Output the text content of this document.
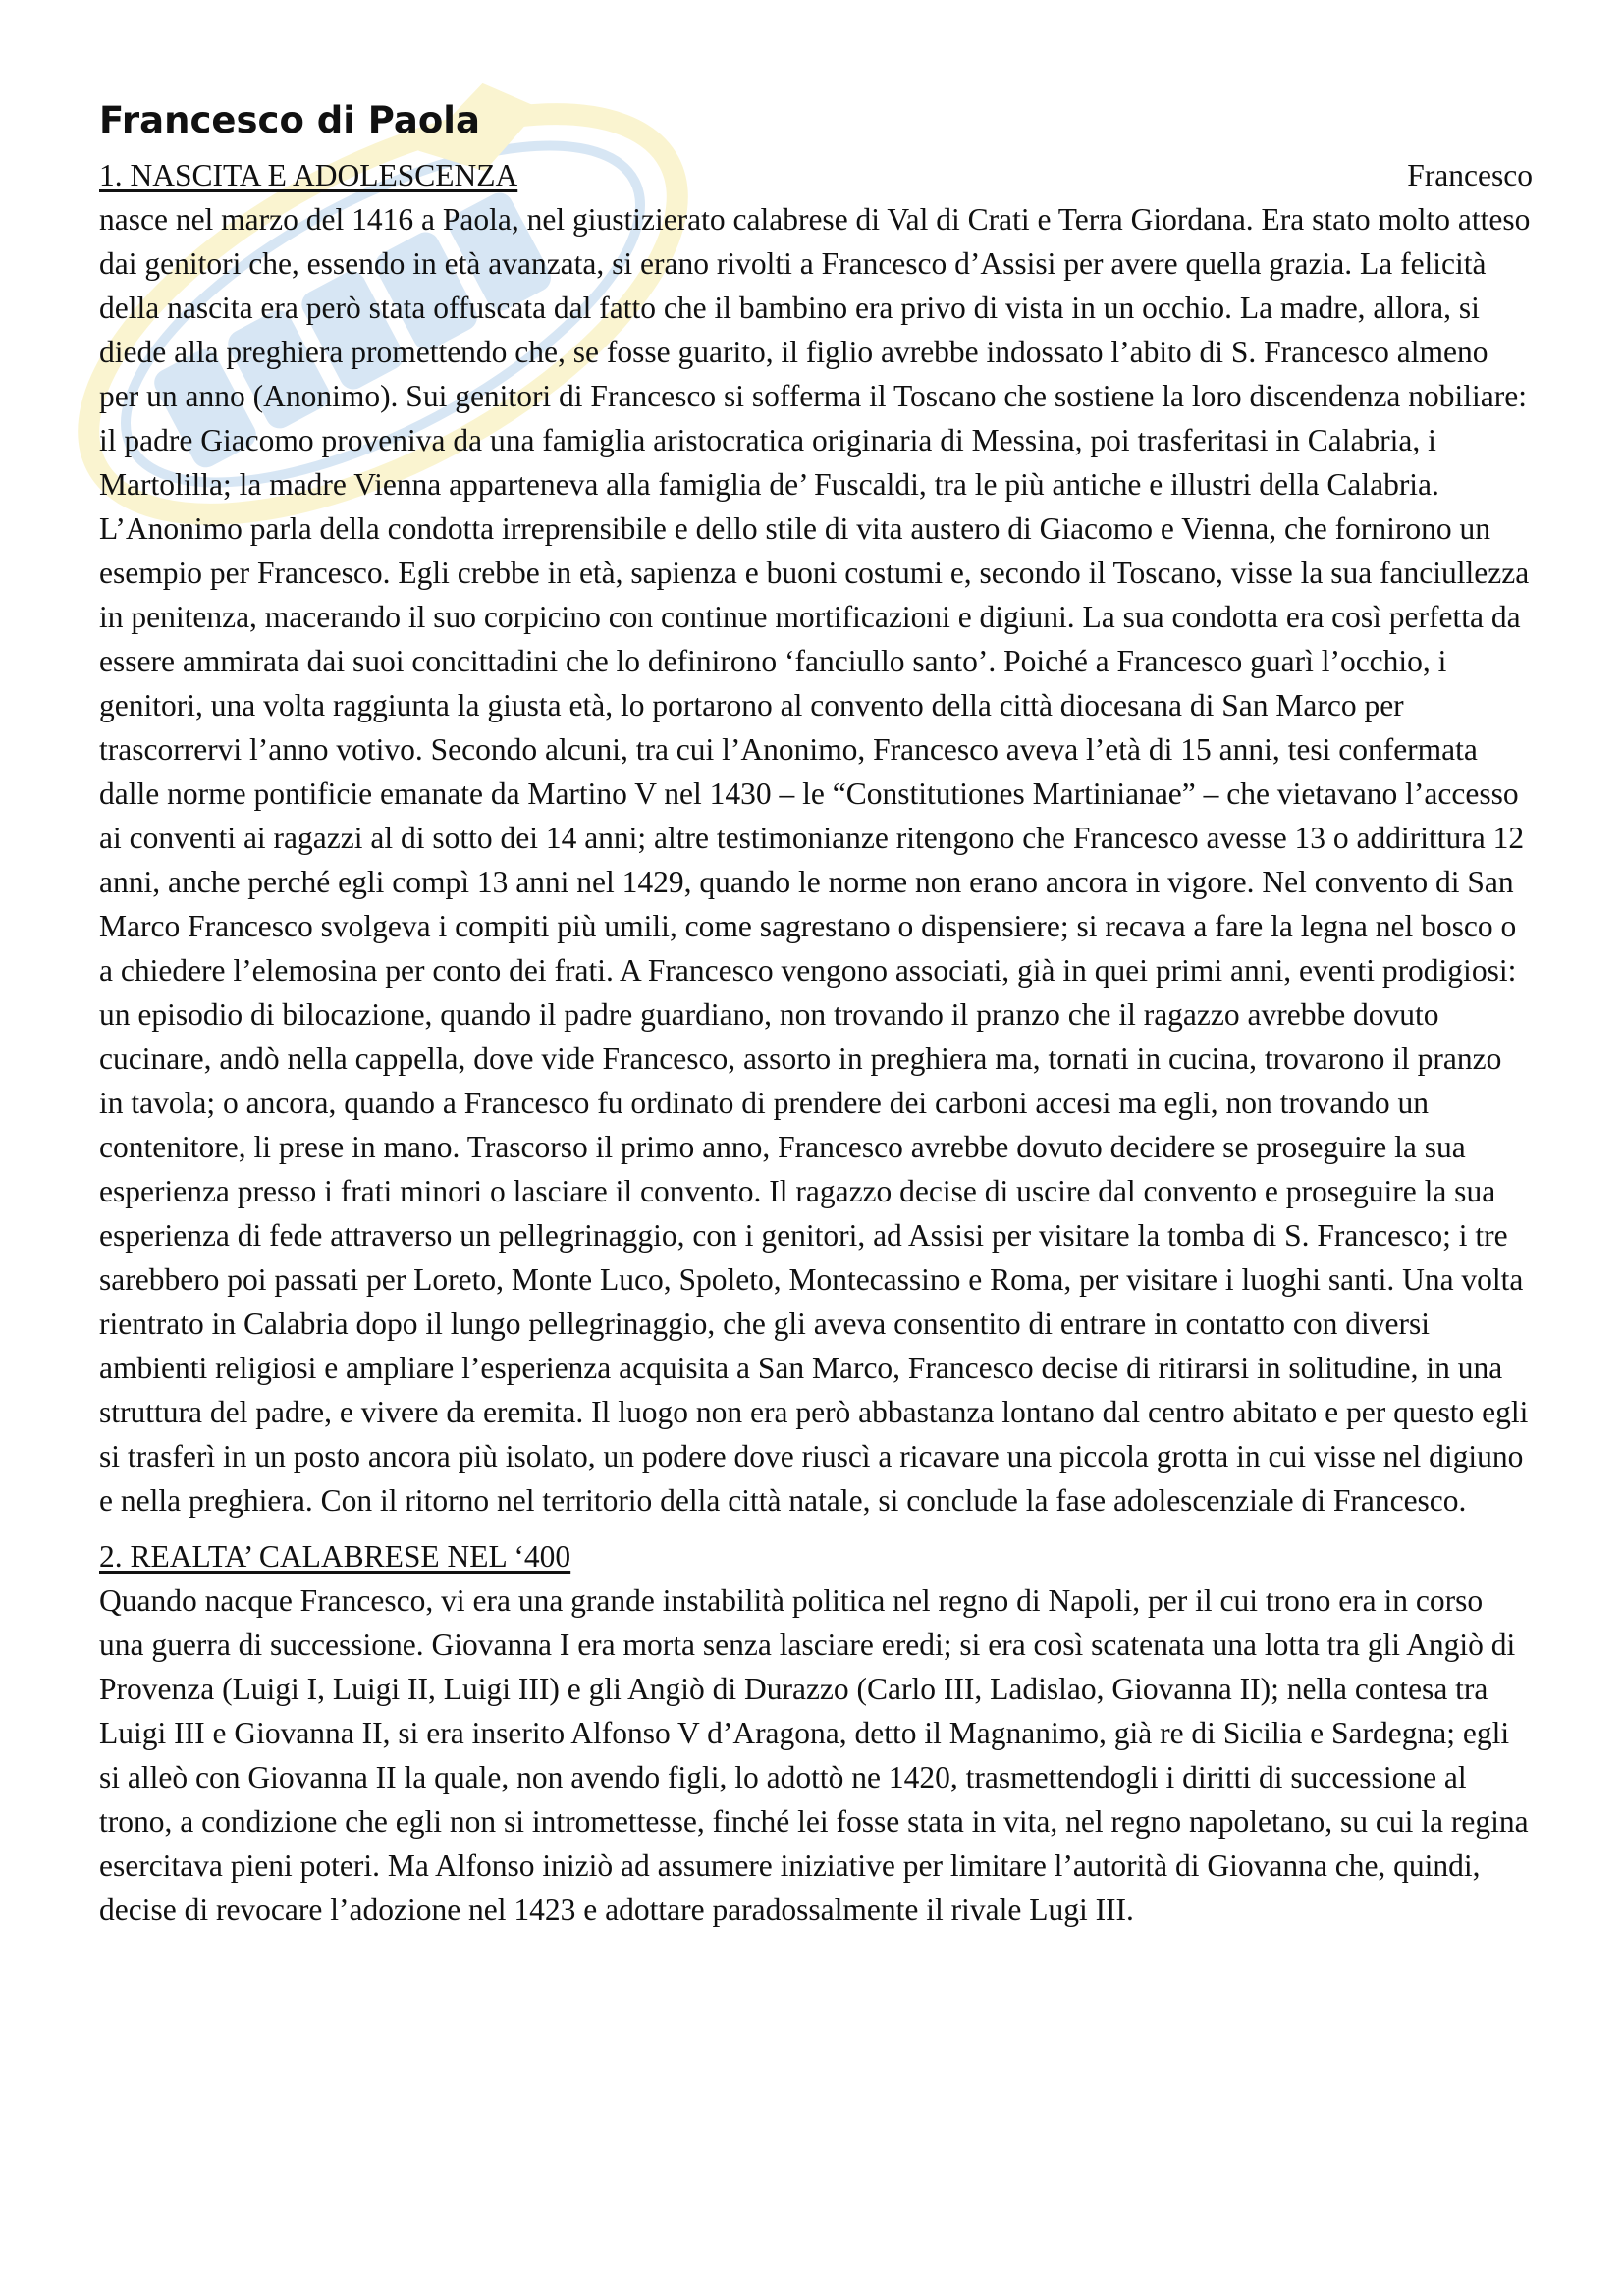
Francesco di Paola
1. NASCITA E ADOLESCENZA	Francesco

nasce nel marzo del 1416 a Paola, nel giustizierato calabrese di Val di Crati e Terra Giordana. Era stato molto atteso dai genitori che, essendo in età avanzata, si erano rivolti a Francesco d’Assisi per avere quella grazia. La felicità della nascita era però stata offuscata dal fatto che il bambino era privo di vista in un occhio. La madre, allora, si diede alla preghiera promettendo che, se fosse guarito, il figlio avrebbe indossato l’abito di S. Francesco almeno per un anno (Anonimo). Sui genitori di Francesco si sofferma il Toscano che sostiene la loro discendenza nobiliare: il padre Giacomo proveniva da una famiglia aristocratica originaria di Messina, poi trasferitasi in Calabria, i Martolilla; la madre Vienna apparteneva alla famiglia de’ Fuscaldi, tra le più antiche e illustri della Calabria. L’Anonimo parla della condotta irreprensibile e dello stile di vita austero di Giacomo e Vienna, che fornirono un esempio per Francesco. Egli crebbe in età, sapienza e buoni costumi e, secondo il Toscano, visse la sua fanciullezza in penitenza, macerando il suo corpicino con continue mortificazioni e digiuni. La sua condotta era così perfetta da essere ammirata dai suoi concittadini che lo definirono ‘fanciullo santo’. Poiché a Francesco guarì l’occhio, i genitori, una volta raggiunta la giusta età, lo portarono al convento della città diocesana di San Marco per trascorrervi l’anno votivo. Secondo alcuni, tra cui l’Anonimo, Francesco aveva l’età di 15 anni, tesi confermata dalle norme pontificie emanate da Martino V nel 1430 – le “Constitutiones Martinianae” – che vietavano l’accesso ai conventi ai ragazzi al di sotto dei 14 anni; altre testimonianze ritengono che Francesco avesse 13 o addirittura 12 anni, anche perché egli compì 13 anni nel 1429, quando le norme non erano ancora in vigore. Nel convento di San Marco Francesco svolgeva i compiti più umili, come sagrestano o dispensiere; si recava a fare la legna nel bosco o a chiedere l’elemosina per conto dei frati. A Francesco vengono associati, già in quei primi anni, eventi prodigiosi: un episodio di bilocazione, quando il padre guardiano, non trovando il pranzo che il ragazzo avrebbe dovuto cucinare, andò nella cappella, dove vide Francesco, assorto in preghiera ma, tornati in cucina, trovarono il pranzo in tavola; o ancora, quando a Francesco fu ordinato di prendere dei carboni accesi ma egli, non trovando un contenitore, li prese in mano. Trascorso il primo anno, Francesco avrebbe dovuto decidere se proseguire la sua esperienza presso i frati minori o lasciare il convento. Il ragazzo decise di uscire dal convento e proseguire la sua esperienza di fede attraverso un pellegrinaggio, con i genitori, ad Assisi per visitare la tomba di S. Francesco; i tre sarebbero poi passati per Loreto, Monte Luco, Spoleto, Montecassino e Roma, per visitare i luoghi santi. Una volta rientrato in Calabria dopo il lungo pellegrinaggio, che gli aveva consentito di entrare in contatto con diversi ambienti religiosi e ampliare l’esperienza acquisita a San Marco, Francesco decise di ritirarsi in solitudine, in una struttura del padre, e vivere da eremita. Il luogo non era però abbastanza lontano dal centro abitato e per questo egli si trasferì in un posto ancora più isolato, un podere dove riuscì a ricavare una piccola grotta in cui visse nel digiuno e nella preghiera. Con il ritorno nel territorio della città natale, si conclude la fase adolescenziale di Francesco.

2. REALTA’ CALABRESE NEL ‘400

Quando nacque Francesco, vi era una grande instabilità politica nel regno di Napoli, per il cui trono era in corso una guerra di successione. Giovanna I era morta senza lasciare eredi; si era così scatenata una lotta tra gli Angiò di Provenza (Luigi I, Luigi II, Luigi III) e gli Angiò di Durazzo (Carlo III, Ladislao, Giovanna II); nella contesa tra Luigi III e Giovanna II, si era inserito Alfonso V d’Aragona, detto il Magnanimo, già re di Sicilia e Sardegna; egli si alleò con Giovanna II la quale, non avendo figli, lo adottò ne 1420, trasmettendogli i diritti di successione al trono, a condizione che egli non si intromettesse, finché lei fosse stata in vita, nel regno napoletano, su cui la regina esercitava pieni poteri. Ma Alfonso iniziò ad assumere iniziative per limitare l’autorità di Giovanna che, quindi, decise di revocare l’adozione nel 1423 e adottare paradossalmente il rivale Lugi III.
